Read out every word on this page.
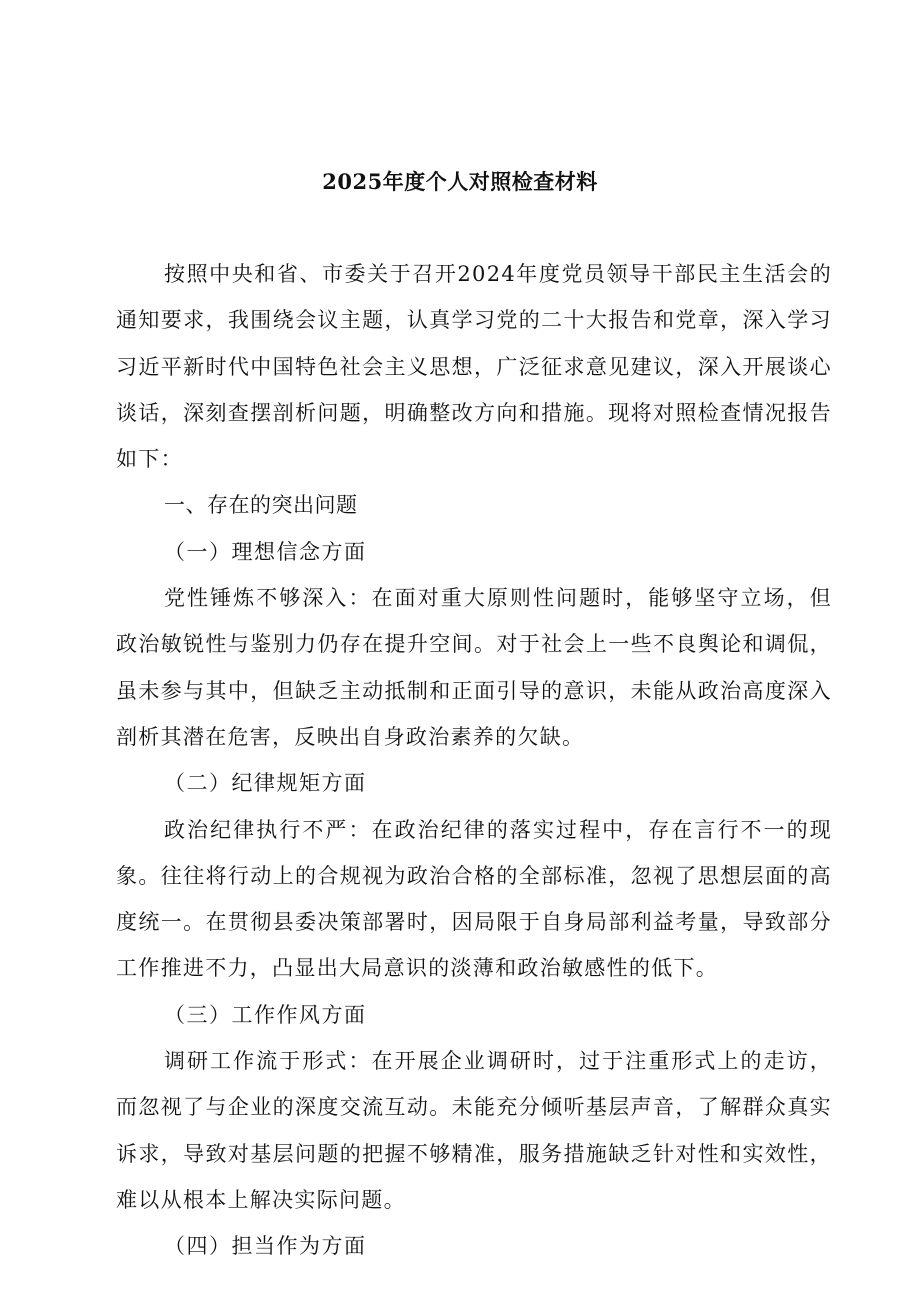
2025年度个人对照检查材料

按照中央和省、市委关于召开2024年度党员领导干部民主生活会的通知要求，我围绕会议主题，认真学习党的二十大报告和党章，深入学习习近平新时代中国特色社会主义思想，广泛征求意见建议，深入开展谈心谈话，深刻查摆剖析问题，明确整改方向和措施。现将对照检查情况报告如下：

一、存在的突出问题

（一）理想信念方面

党性锤炼不够深入：在面对重大原则性问题时，能够坚守立场，但政治敏锐性与鉴别力仍存在提升空间。对于社会上一些不良舆论和调侃，虽未参与其中，但缺乏主动抵制和正面引导的意识，未能从政治高度深入剖析其潜在危害，反映出自身政治素养的欠缺。

（二）纪律规矩方面

政治纪律执行不严：在政治纪律的落实过程中，存在言行不一的现象。往往将行动上的合规视为政治合格的全部标准，忽视了思想层面的高度统一。在贯彻县委决策部署时，因局限于自身局部利益考量，导致部分工作推进不力，凸显出大局意识的淡薄和政治敏感性的低下。

（三）工作作风方面

调研工作流于形式：在开展企业调研时，过于注重形式上的走访，而忽视了与企业的深度交流互动。未能充分倾听基层声音，了解群众真实诉求，导致对基层问题的把握不够精准，服务措施缺乏针对性和实效性，难以从根本上解决实际问题。

（四）担当作为方面
